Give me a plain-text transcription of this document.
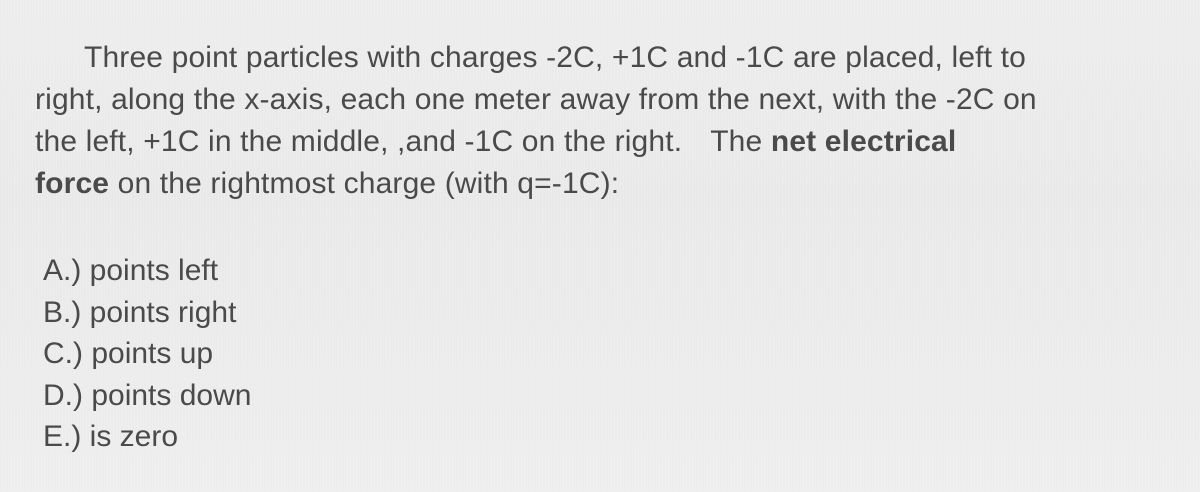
Three point particles with charges -2C, +1C and -1C are placed, left to
right, along the x-axis, each one meter away from the next, with the -2C on
the left, +1C in the middle, ,and -1C on the right. The net electrical
force on the rightmost charge (with q=-1C):
A.) points left
B.) points right
C.) points up
D.) points down
E.) is zero
